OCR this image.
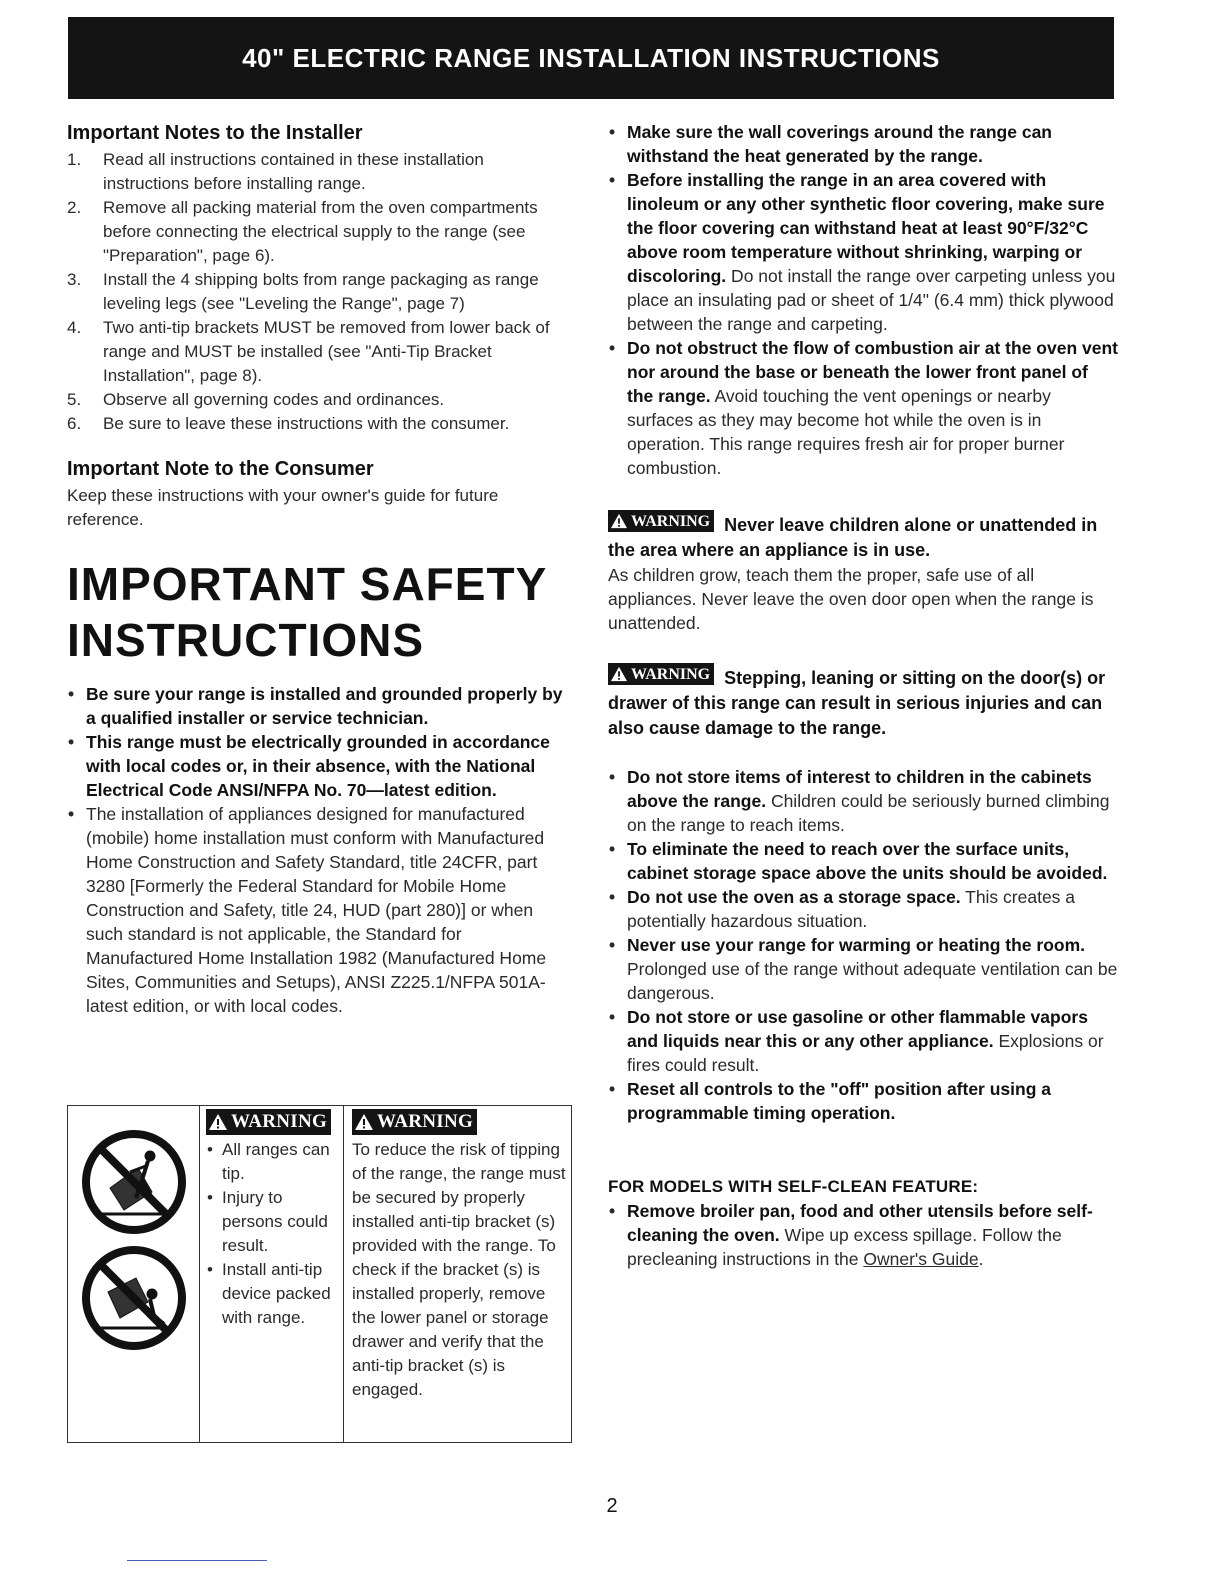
40" ELECTRIC RANGE INSTALLATION INSTRUCTIONS
Important Notes to the Installer
1.	Read all instructions contained in these installation instructions before installing range.
2.	Remove all packing material from the oven compartments before connecting the electrical supply to the range (see "Preparation", page 6).
3.	Install the 4 shipping bolts from range packaging as range leveling legs (see "Leveling the Range", page 7)
4.	Two anti-tip brackets MUST be removed from lower back of range and MUST be installed (see "Anti-Tip Bracket Installation", page 8).
5.	Observe all governing codes and ordinances.
6.	Be sure to leave these instructions with the consumer.
Important Note to the Consumer
Keep these instructions with your owner's guide for future reference.
IMPORTANT SAFETY
INSTRUCTIONS
• Be sure your range is installed and grounded properly by a qualified installer or service technician.
• This range must be electrically grounded in accordance with local codes or, in their absence, with the National Electrical Code ANSI/NFPA No. 70—latest edition.
• The installation of appliances designed for manufactured (mobile) home installation must conform with Manufactured Home Construction and Safety Standard, title 24CFR, part 3280 [Formerly the Federal Standard for Mobile Home Construction and Safety, title 24, HUD (part 280)] or when such standard is not applicable, the Standard for Manufactured Home Installation 1982 (Manufactured Home Sites, Communities and Setups), ANSI Z225.1/NFPA 501A-latest edition, or with local codes.
WARNING
• All ranges can tip.
• Injury to persons could result.
• Install anti-tip device packed with range.
WARNING
To reduce the risk of tipping of the range, the range must be secured by properly installed anti-tip bracket (s) provided with the range. To check if the bracket (s) is installed properly, remove the lower panel or storage drawer and verify that the anti-tip bracket (s) is engaged.
• Make sure the wall coverings around the range can withstand the heat generated by the range.
• Before installing the range in an area covered with linoleum or any other synthetic floor covering, make sure the floor covering can withstand heat at least 90°F/32°C above room temperature without shrinking, warping or discoloring. Do not install the range over carpeting unless you place an insulating pad or sheet of 1/4" (6.4 mm) thick plywood between the range and carpeting.
• Do not obstruct the flow of combustion air at the oven vent nor around the base or beneath the lower front panel of the range. Avoid touching the vent openings or nearby surfaces as they may become hot while the oven is in operation. This range requires fresh air for proper burner combustion.
WARNING Never leave children alone or unattended in the area where an appliance is in use.
As children grow, teach them the proper, safe use of all appliances. Never leave the oven door open when the range is unattended.
WARNING Stepping, leaning or sitting on the door(s) or drawer of this range can result in serious injuries and can also cause damage to the range.
• Do not store items of interest to children in the cabinets above the range. Children could be seriously burned climbing on the range to reach items.
• To eliminate the need to reach over the surface units, cabinet storage space above the units should be avoided.
• Do not use the oven as a storage space. This creates a potentially hazardous situation.
• Never use your range for warming or heating the room. Prolonged use of the range without adequate ventilation can be dangerous.
• Do not store or use gasoline or other flammable vapors and liquids near this or any other appliance. Explosions or fires could result.
• Reset all controls to the "off" position after using a programmable timing operation.
FOR MODELS WITH SELF-CLEAN FEATURE:
• Remove broiler pan, food and other utensils before self-cleaning the oven. Wipe up excess spillage. Follow the precleaning instructions in the Owner's Guide.
2
